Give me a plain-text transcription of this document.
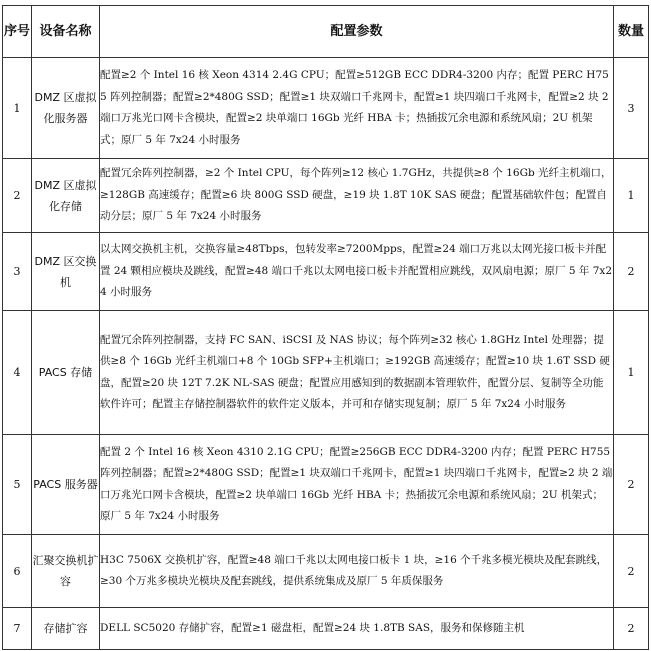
序号	设备名称	配置参数	数量
1	DMZ 区虚拟化服务器	配置≥2 个 Intel 16 核 Xeon 4314 2.4G CPU；配置≥512GB ECC DDR4-3200 内存；配置 PERC H755 阵列控制器；配置≥2*480G SSD；配置≥1 块双端口千兆网卡，配置≥1 块四端口千兆网卡，配置≥2 块 2 端口万兆光口网卡含模块，配置≥2 块单端口 16Gb 光纤 HBA 卡；热插拔冗余电源和系统风扇；2U 机架式；原厂 5 年 7x24 小时服务	3
2	DMZ 区虚拟化存储	配置冗余阵列控制器，≥2 个 Intel CPU，每个阵列≥12 核心 1.7GHz，共提供≥8 个 16Gb 光纤主机端口，≥128GB 高速缓存；配置≥6 块 800G SSD 硬盘，≥19 块 1.8T 10K SAS 硬盘；配置基础软件包；配置自动分层；原厂 5 年 7x24 小时服务	1
3	DMZ 区交换机	以太网交换机主机，交换容量≥48Tbps，包转发率≥7200Mpps，配置≥24 端口万兆以太网光接口板卡并配置 24 颗相应模块及跳线，配置≥48 端口千兆以太网电接口板卡并配置相应跳线，双风扇电源；原厂 5 年 7x24 小时服务	2
4	PACS 存储	配置冗余阵列控制器，支持 FC SAN、iSCSI 及 NAS 协议；每个阵列≥32 核心 1.8GHz Intel 处理器；提供≥8 个 16Gb 光纤主机端口+8 个 10Gb SFP+主机端口；≥192GB 高速缓存；配置≥10 块 1.6T SSD 硬盘，配置≥20 块 12T 7.2K NL-SAS 硬盘；配置应用感知到的数据副本管理软件，配置分层、复制等全功能软件许可；配置主存储控制器软件的软件定义版本，并可和存储实现复制；原厂 5 年 7x24 小时服务	1
5	PACS 服务器	配置 2 个 Intel 16 核 Xeon 4310 2.1G CPU；配置≥256GB ECC DDR4-3200 内存；配置 PERC H755 阵列控制器；配置≥2*480G SSD；配置≥1 块双端口千兆网卡，配置≥1 块四端口千兆网卡，配置≥2 块 2 端口万兆光口网卡含模块，配置≥2 块单端口 16Gb 光纤 HBA 卡；热插拔冗余电源和系统风扇；2U 机架式；原厂 5 年 7x24 小时服务	2
6	汇聚交换机扩容	H3C 7506X 交换机扩容，配置≥48 端口千兆以太网电接口板卡 1 块，≥16 个千兆多模光模块及配套跳线，≥30 个万兆多模块光模块及配套跳线，提供系统集成及原厂 5 年质保服务	2
7	存储扩容	DELL SC5020 存储扩容，配置≥1 磁盘柜，配置≥24 块 1.8TB SAS，服务和保修随主机	2
